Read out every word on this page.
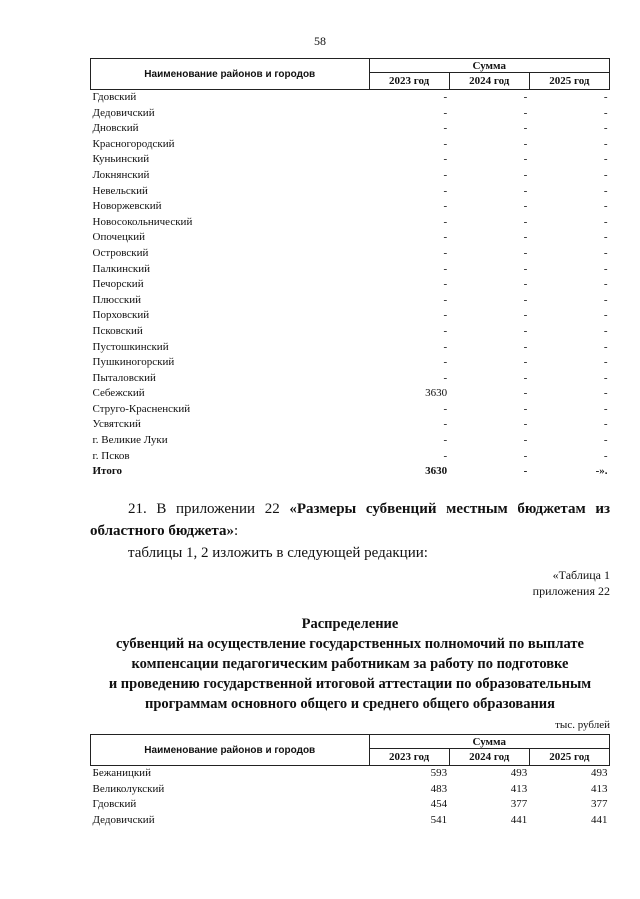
58
Наименование районов и городов	Сумма		
	2023 год	2024 год	2025 год
Гдовский	-	-	-
Дедовичский	-	-	-
Дновский	-	-	-
Красногородский	-	-	-
Куньинский	-	-	-
Локнянский	-	-	-
Невельский	-	-	-
Новоржевский	-	-	-
Новосокольнический	-	-	-
Опочецкий	-	-	-
Островский	-	-	-
Палкинский	-	-	-
Печорский	-	-	-
Плюсский	-	-	-
Порховский	-	-	-
Псковский	-	-	-
Пустошкинский	-	-	-
Пушкиногорский	-	-	-
Пыталовский	-	-	-
Себежский	3630	-	-
Струго-Красненский	-	-	-
Усвятский	-	-	-
г. Великие Луки	-	-	-
г. Псков	-	-	-
Итого	3630	-	-».
21. В приложении 22 «Размеры субвенций местным бюджетам из областного бюджета»:
таблицы 1, 2 изложить в следующей редакции:
«Таблица 1
приложения 22
Распределение
субвенций на осуществление государственных полномочий по выплате
компенсации педагогическим работникам за работу по подготовке
и проведению государственной итоговой аттестации по образовательным
программам основного общего и среднего общего образования
тыс. рублей
Наименование районов и городов	Сумма		
	2023 год	2024 год	2025 год
Бежаницкий	593	493	493
Великолукский	483	413	413
Гдовский	454	377	377
Дедовичский	541	441	441
